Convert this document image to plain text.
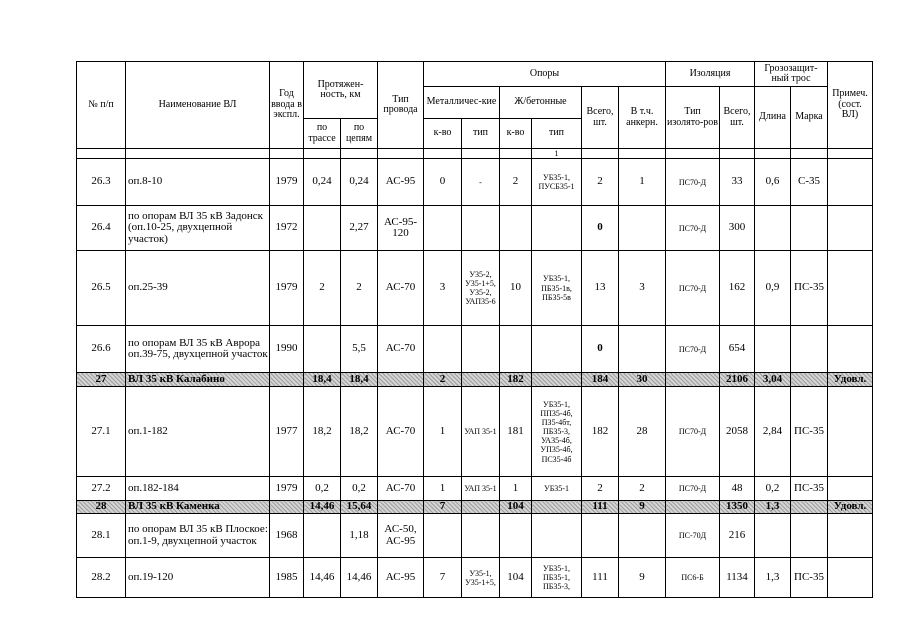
№ п/п	Наименование ВЛ	Год ввода в экспл.	Протяжен-ность, км		Тип провода	Опоры						Изоляция		Грозозащит-ный трос		Примеч. (сост. ВЛ)
						Металличес-кие		Ж/бетонные		Всего, шт.	В т.ч. анкерн.	Тип изолято-ров	Всего, шт.	Длина	Марка	
			по трассе	по цепям		к-во	тип	к-во	тип							
									1							
26.3	оп.8-10	1979	0,24	0,24	АС-95	0	-	2	УБ35-1, ПУСБ35-1	2	1	ПС70-Д	33	0,6	С-35	
26.4	по опорам ВЛ 35 кВ Задонск (оп.10-25, двухцепной участок)	1972		2,27	АС-95-120					0		ПС70-Д	300			
26.5	оп.25-39	1979	2	2	АС-70	3	У35-2, У35-1+5, У35-2, УАП35-6	10	УБ35-1, ПБ35-1в, ПБ35-5в	13	3	ПС70-Д	162	0,9	ПС-35	
26.6	по опорам ВЛ 35 кВ Аврора оп.39-75, двухцепной участок	1990		5,5	АС-70					0		ПС70-Д	654			
27	ВЛ 35 кВ Калабино		18,4	18,4		2		182		184	30		2106	3,04		Удовл.
27.1	оп.1-182	1977	18,2	18,2	АС-70	1	УАП 35-1	181	УБ35-1, ПП35-4б, ПЗ5-4бт, ПБ35-3, УА35-4б, УП35-4б, ПС35-4б	182	28	ПС70-Д	2058	2,84	ПС-35	
27.2	оп.182-184	1979	0,2	0,2	АС-70	1	УАП 35-1	1	УБ35-1	2	2	ПС70-Д	48	0,2	ПС-35	
28	ВЛ 35 кВ Каменка		14,46	15,64		7		104		111	9		1350	1,3		Удовл.
28.1	по опорам ВЛ 35 кВ Плоское: оп.1-9, двухцепной участок	1968		1,18	АС-50, АС-95							ПС-70Д	216			
28.2	оп.19-120	1985	14,46	14,46	АС-95	7	У35-1, У35-1+5,	104	УБ35-1, ПБ35-1, ПБ35-3,	111	9	ПС6-Б	1134	1,3	ПС-35	
